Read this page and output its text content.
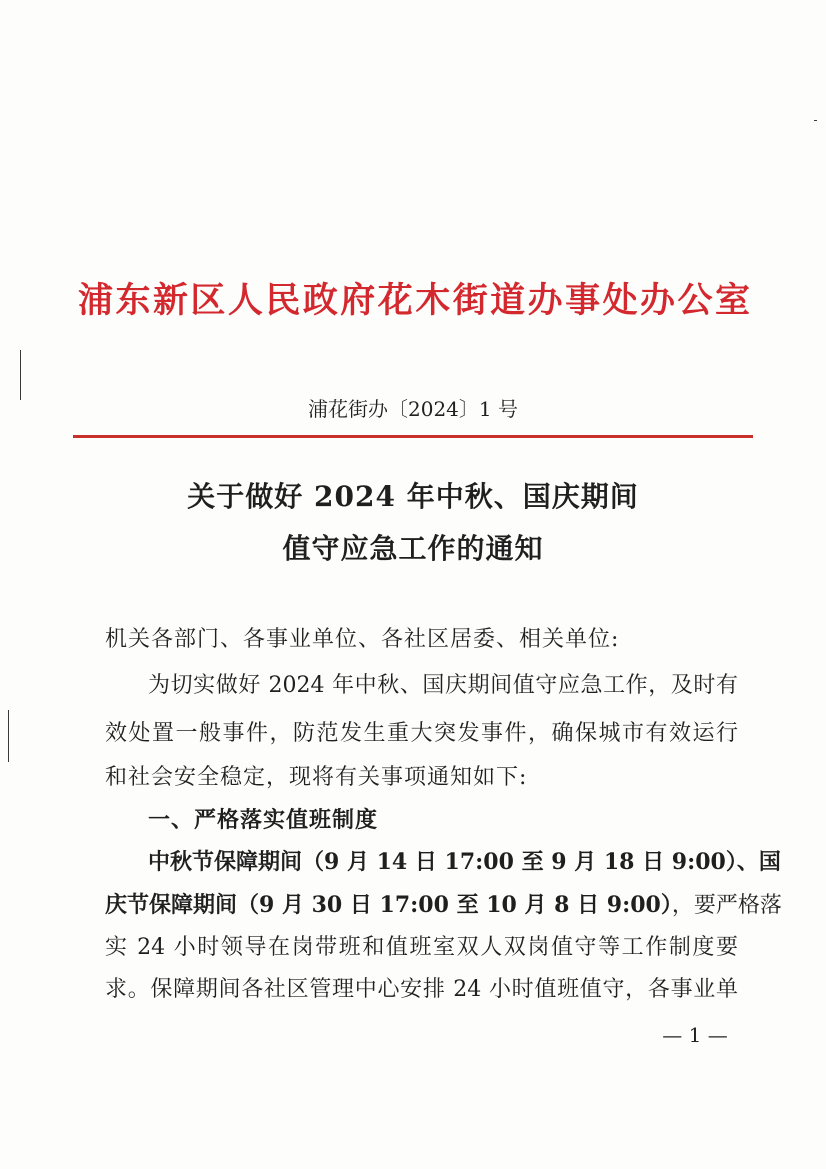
浦东新区人民政府花木街道办事处办公室
浦花街办〔2024〕1 号
关于做好 2024 年中秋、国庆期间
值守应急工作的通知
机关各部门、各事业单位、各社区居委、相关单位:
为切实做好 2024 年中秋、国庆期间值守应急工作，及时有
效处置一般事件，防范发生重大突发事件，确保城市有效运行
和社会安全稳定，现将有关事项通知如下:
一、严格落实值班制度
中秋节保障期间（9 月 14 日 17:00 至 9 月 18 日 9:00）、国
庆节保障期间（9 月 30 日 17:00 至 10 月 8 日 9:00），要严格落
实 24 小时领导在岗带班和值班室双人双岗值守等工作制度要
求。保障期间各社区管理中心安排 24 小时值班值守，各事业单
— 1 —
